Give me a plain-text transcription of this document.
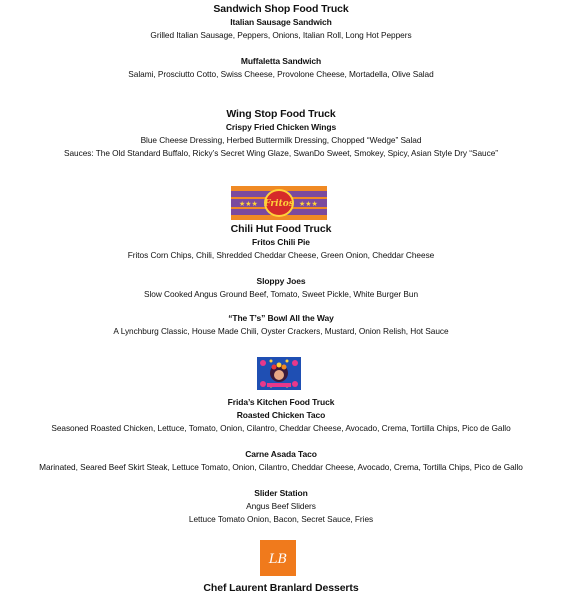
Sandwich Shop Food Truck
Italian Sausage Sandwich
Grilled Italian Sausage, Peppers, Onions, Italian Roll, Long Hot Peppers
Muffaletta Sandwich
Salami, Prosciutto Cotto, Swiss Cheese, Provolone Cheese, Mortadella, Olive Salad
Wing Stop Food Truck
Crispy Fried Chicken Wings
Blue Cheese Dressing, Herbed Buttermilk Dressing, Chopped “Wedge” Salad
Sauces: The Old Standard Buffalo, Ricky’s Secret Wing Glaze, SwanDo Sweet, Smokey, Spicy, Asian Style Dry “Sauce”
★★★	★★★
Fritos
Chili Hut Food Truck
Fritos Chili Pie
Fritos Corn Chips, Chili, Shredded Cheddar Cheese, Green Onion, Cheddar Cheese
Sloppy Joes
Slow Cooked Angus Ground Beef, Tomato, Sweet Pickle, White Burger Bun
“The T’s” Bowl All the Way
A Lynchburg Classic, House Made Chili, Oyster Crackers, Mustard, Onion Relish, Hot Sauce
Frida’s Kitchen Food Truck
Roasted Chicken Taco
Seasoned Roasted Chicken, Lettuce, Tomato, Onion, Cilantro, Cheddar Cheese, Avocado, Crema, Tortilla Chips, Pico de Gallo
Carne Asada Taco
Marinated, Seared Beef Skirt Steak, Lettuce Tomato, Onion, Cilantro, Cheddar Cheese, Avocado, Crema, Tortilla Chips, Pico de Gallo
Slider Station
Angus Beef Sliders
Lettuce Tomato Onion, Bacon, Secret Sauce, Fries
LB
Chef Laurent Branlard Desserts
